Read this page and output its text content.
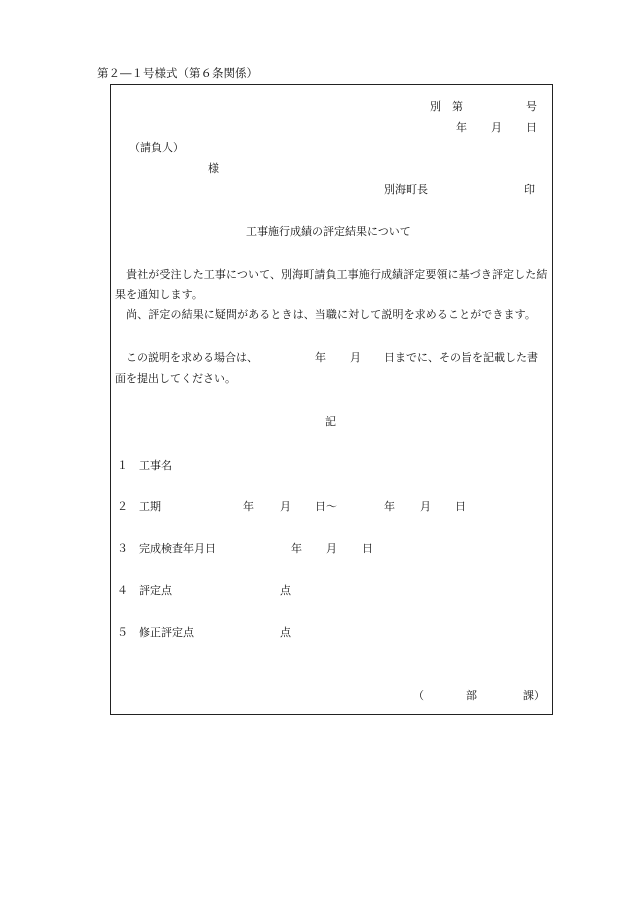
第２―１号様式（第６条関係）
別　第	号
年 月 日
（請負人）
様
別海町長	印
工事施行成績の評定結果について
　貴社が受注した工事について、別海町請負工事施行成績評定要領に基づき評定した結果を通知します。
　尚、評定の結果に疑問があるときは、当職に対して説明を求めることができます。
　この説明を求める場合は、	年 月 日までに、その旨を記載した書
面を提出してください。
記
１ 工事名
２ 工期	年 月 日～	年 月 日
３ 完成検査年月日	年 月 日
４ 評定点	点
５ 修正評定点	点
（	部	課）
